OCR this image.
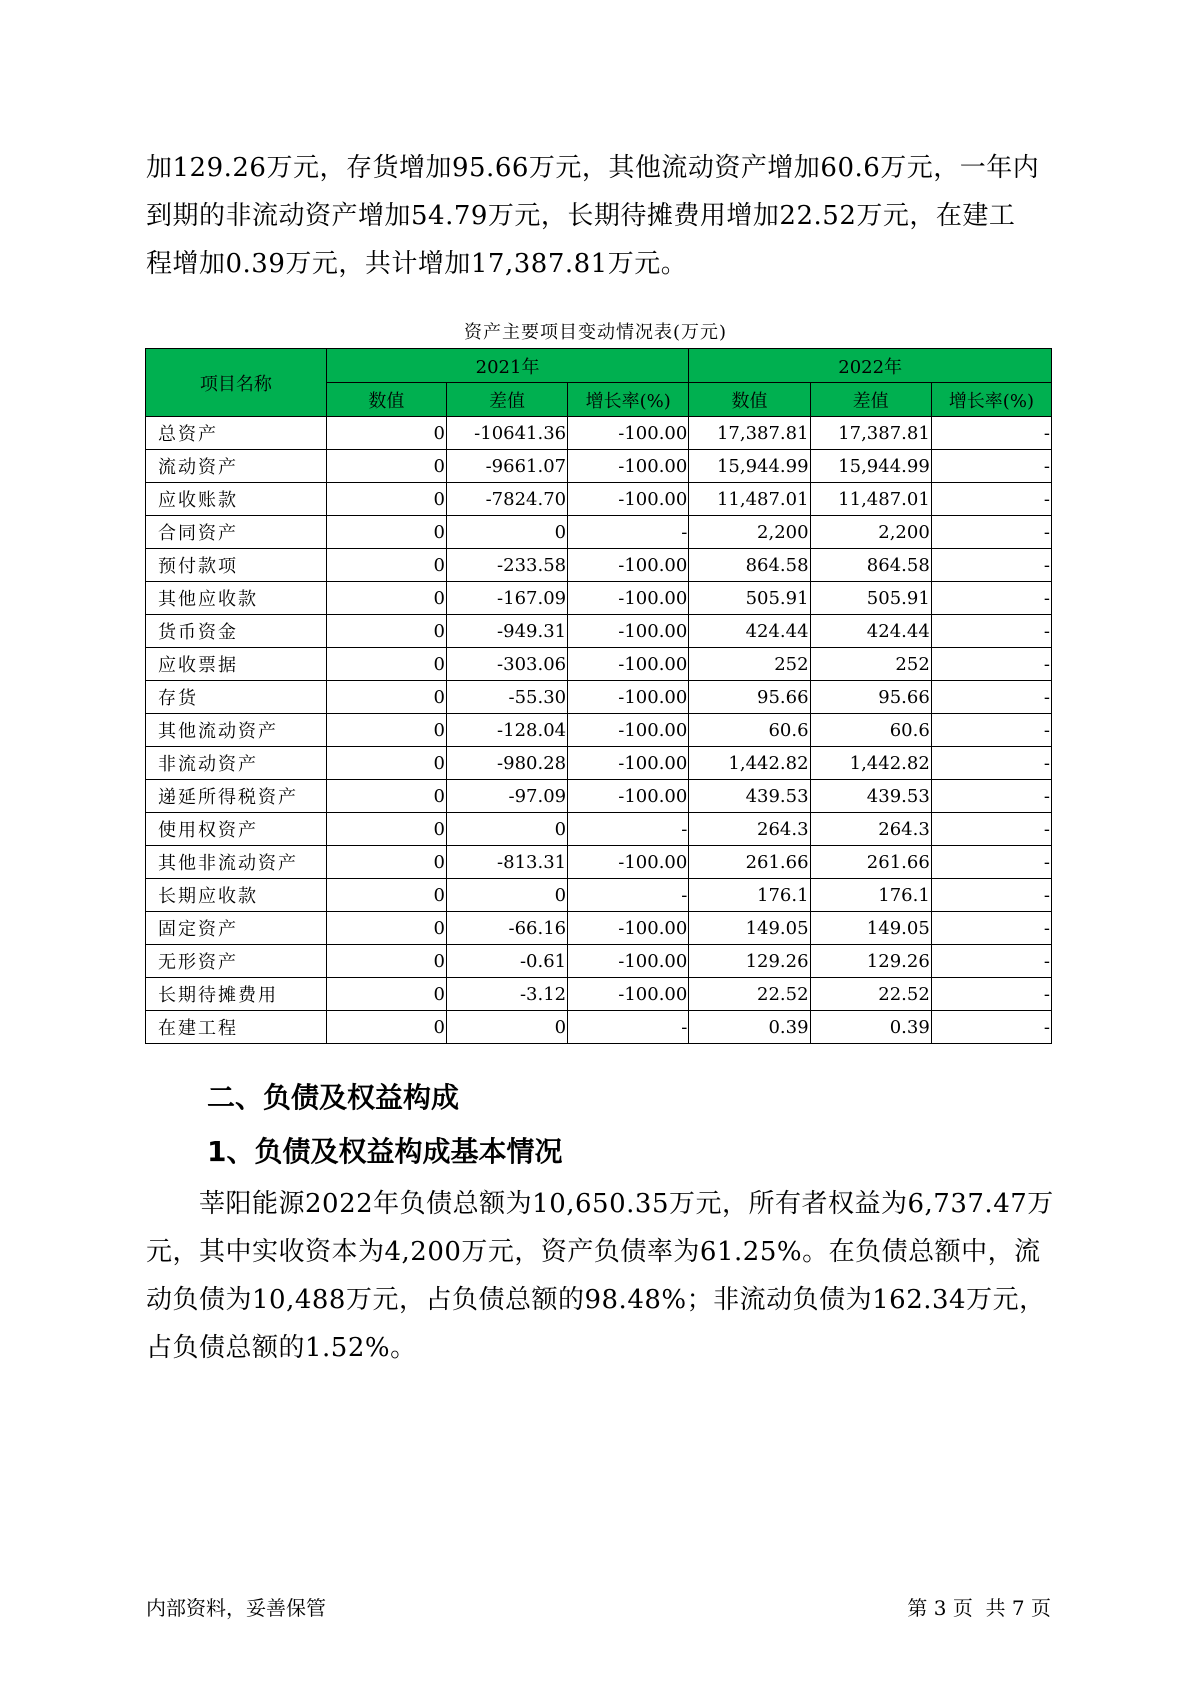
加129.26万元，存货增加95.66万元，其他流动资产增加60.6万元，一年内
到期的非流动资产增加54.79万元，长期待摊费用增加22.52万元，在建工
程增加0.39万元，共计增加17,387.81万元。
资产主要项目变动情况表(万元)
项目名称	2021年			2022年		
	数值	差值	增长率(%)	数值	差值	增长率(%)
总资产	0	-10641.36	-100.00	17,387.81	17,387.81	-
流动资产	0	-9661.07	-100.00	15,944.99	15,944.99	-
应收账款	0	-7824.70	-100.00	11,487.01	11,487.01	-
合同资产	0	0	-	2,200	2,200	-
预付款项	0	-233.58	-100.00	864.58	864.58	-
其他应收款	0	-167.09	-100.00	505.91	505.91	-
货币资金	0	-949.31	-100.00	424.44	424.44	-
应收票据	0	-303.06	-100.00	252	252	-
存货	0	-55.30	-100.00	95.66	95.66	-
其他流动资产	0	-128.04	-100.00	60.6	60.6	-
非流动资产	0	-980.28	-100.00	1,442.82	1,442.82	-
递延所得税资产	0	-97.09	-100.00	439.53	439.53	-
使用权资产	0	0	-	264.3	264.3	-
其他非流动资产	0	-813.31	-100.00	261.66	261.66	-
长期应收款	0	0	-	176.1	176.1	-
固定资产	0	-66.16	-100.00	149.05	149.05	-
无形资产	0	-0.61	-100.00	129.26	129.26	-
长期待摊费用	0	-3.12	-100.00	22.52	22.52	-
在建工程	0	0	-	0.39	0.39	-
二、负债及权益构成
1、负债及权益构成基本情况
　　莘阳能源2022年负债总额为10,650.35万元，所有者权益为6,737.47万
元，其中实收资本为4,200万元，资产负债率为61.25%。在负债总额中，流
动负债为10,488万元，占负债总额的98.48%；非流动负债为162.34万元，
占负债总额的1.52%。
内部资料，妥善保管	第 3 页  共 7 页
